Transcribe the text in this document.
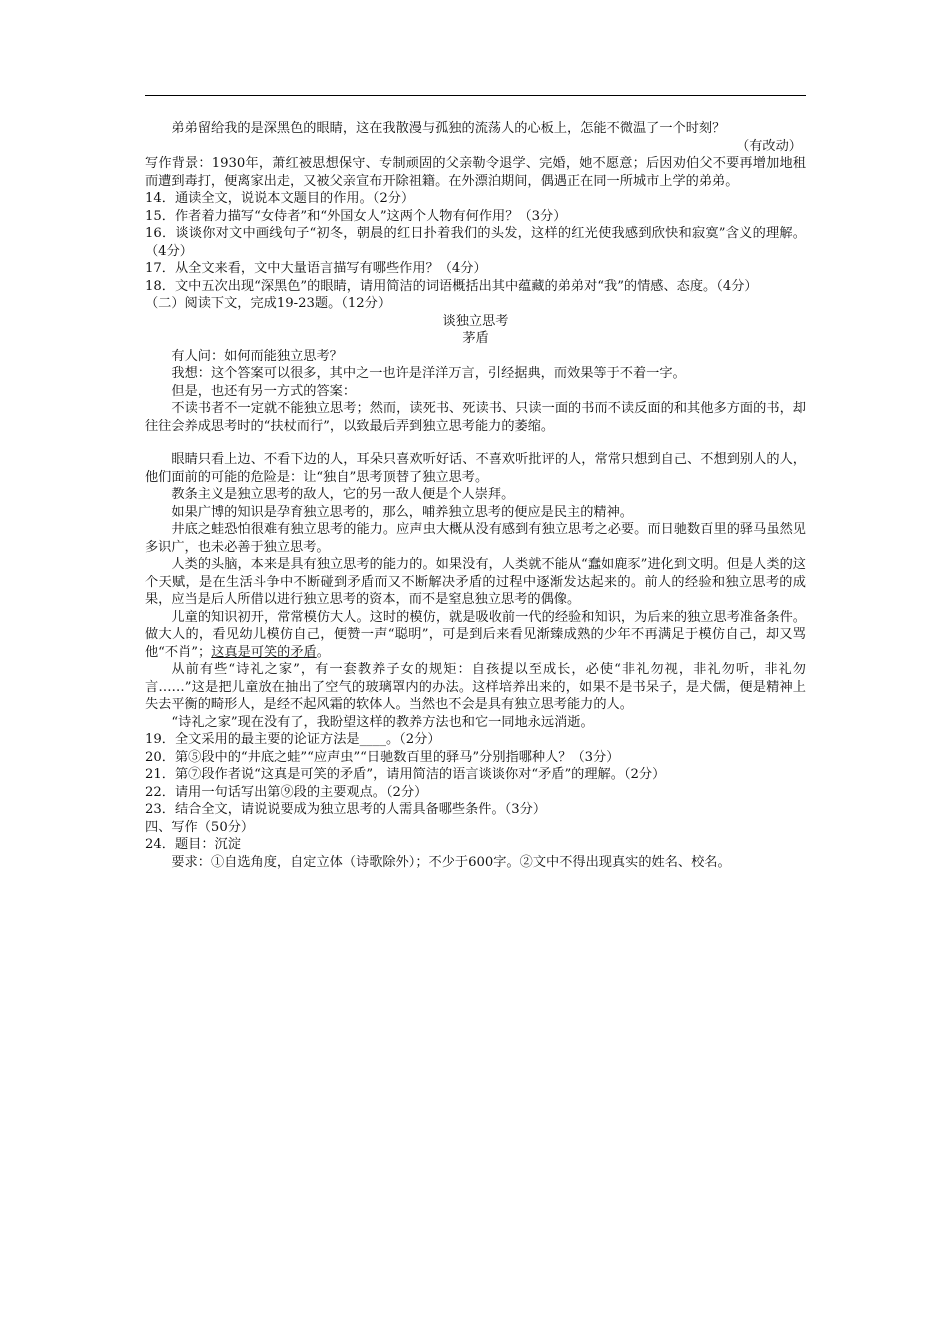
弟弟留给我的是深黑色的眼睛，这在我散漫与孤独的流荡人的心板上，怎能不微温了一个时刻？

（有改动）

写作背景：1930年，萧红被思想保守、专制顽固的父亲勒令退学、完婚，她不愿意；后因劝伯父不要再增加地租而遭到毒打，便离家出走，又被父亲宣布开除祖籍。在外漂泊期间，偶遇正在同一所城市上学的弟弟。

14．通读全文，说说本文题目的作用。（2分）

15．作者着力描写“女侍者”和“外国女人”这两个人物有何作用？（3分）

16．谈谈你对文中画线句子“初冬，朝晨的红日扑着我们的头发，这样的红光使我感到欣快和寂寞”含义的理解。（4分）

17．从全文来看，文中大量语言描写有哪些作用？（4分）

18．文中五次出现“深黑色”的眼睛，请用简洁的词语概括出其中蕴藏的弟弟对“我”的情感、态度。（4分）

（二）阅读下文，完成19-23题。（12分）

谈独立思考

茅盾

有人问：如何而能独立思考？

我想：这个答案可以很多，其中之一也许是洋洋万言，引经据典，而效果等于不着一字。

但是，也还有另一方式的答案：

不读书者不一定就不能独立思考；然而，读死书、死读书、只读一面的书而不读反面的和其他多方面的书，却往往会养成思考时的“扶杖而行”，以致最后弄到独立思考能力的萎缩。

眼睛只看上边、不看下边的人，耳朵只喜欢听好话、不喜欢听批评的人，常常只想到自己、不想到别人的人，他们面前的可能的危险是：让“独自”思考顶替了独立思考。

教条主义是独立思考的敌人，它的另一敌人便是个人崇拜。

如果广博的知识是孕育独立思考的，那么，哺养独立思考的便应是民主的精神。

井底之蛙恐怕很难有独立思考的能力。应声虫大概从没有感到有独立思考之必要。而日驰数百里的驿马虽然见多识广，也未必善于独立思考。

人类的头脑，本来是具有独立思考的能力的。如果没有，人类就不能从“蠢如鹿豕”进化到文明。但是人类的这个天赋，是在生活斗争中不断碰到矛盾而又不断解决矛盾的过程中逐渐发达起来的。前人的经验和独立思考的成果，应当是后人所借以进行独立思考的资本，而不是窒息独立思考的偶像。

儿童的知识初开，常常模仿大人。这时的模仿，就是吸收前一代的经验和知识，为后来的独立思考准备条件。做大人的，看见幼儿模仿自己，便赞一声“聪明”，可是到后来看见渐臻成熟的少年不再满足于模仿自己，却又骂他“不肖”；这真是可笑的矛盾。

从前有些“诗礼之家”，有一套教养子女的规矩：自孩提以至成长，必使“非礼勿视，非礼勿听，非礼勿言……”这是把儿童放在抽出了空气的玻璃罩内的办法。这样培养出来的，如果不是书呆子，是犬儒，便是精神上失去平衡的畸形人，是经不起风霜的软体人。当然也不会是具有独立思考能力的人。

“诗礼之家”现在没有了，我盼望这样的教养方法也和它一同地永远消逝。

19．全文采用的最主要的论证方法是____。（2分）

20．第⑤段中的“井底之蛙”“应声虫”“日驰数百里的驿马”分别指哪种人？（3分）

21．第⑦段作者说“这真是可笑的矛盾”，请用简洁的语言谈谈你对“矛盾”的理解。（2分）

22．请用一句话写出第⑨段的主要观点。（2分）

23．结合全文，请说说要成为独立思考的人需具备哪些条件。（3分）

四、写作（50分）

24．题目：沉淀

要求：①自选角度，自定立体（诗歌除外）；不少于600字。②文中不得出现真实的姓名、校名。
